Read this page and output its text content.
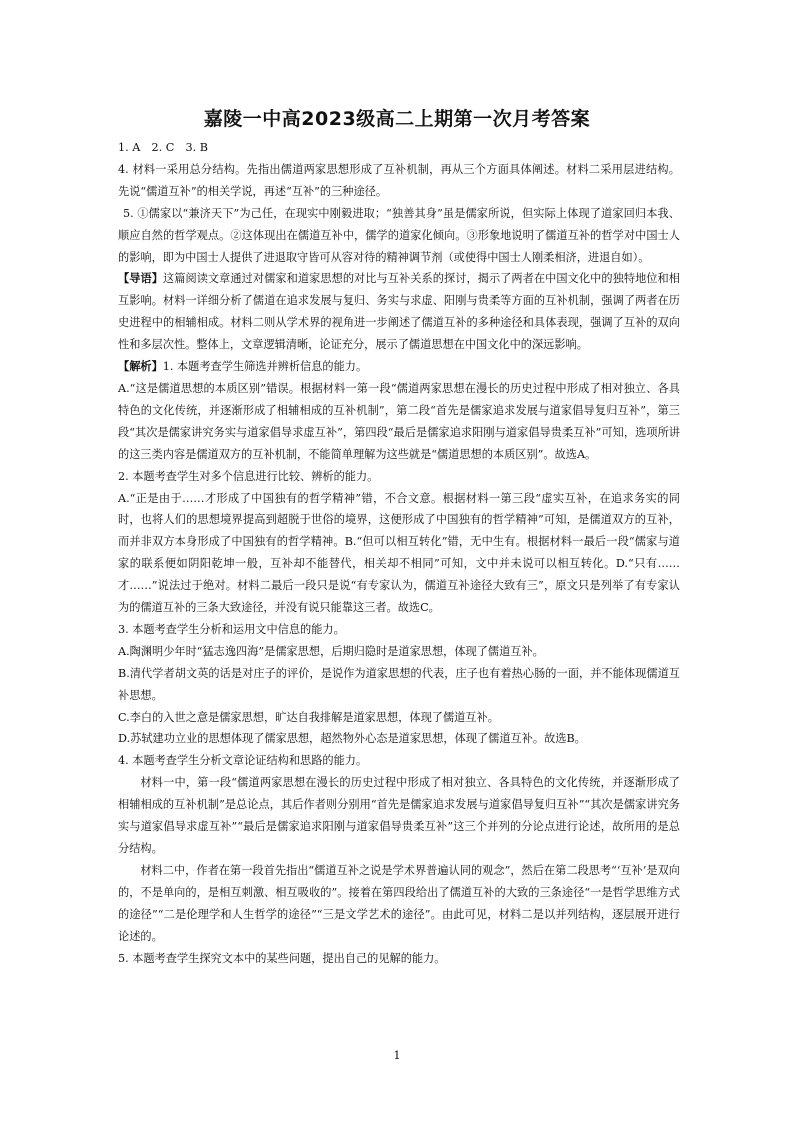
嘉陵一中高2023级高二上期第一次月考答案

1. A　2. C　3. B

4. 材料一采用总分结构。先指出儒道两家思想形成了互补机制，再从三个方面具体阐述。材料二采用层进结构。先说“儒道互补”的相关学说，再述“互补”的三种途径。

5. ①儒家以“兼济天下”为己任，在现实中刚毅进取；“独善其身”虽是儒家所说，但实际上体现了道家回归本我、顺应自然的哲学观点。②这体现出在儒道互补中，儒学的道家化倾向。③形象地说明了儒道互补的哲学对中国士人的影响，即为中国士人提供了进退取守皆可从容对待的精神调节剂（或使得中国士人刚柔相济，进退自如）。

【导语】这篇阅读文章通过对儒家和道家思想的对比与互补关系的探讨，揭示了两者在中国文化中的独特地位和相互影响。材料一详细分析了儒道在追求发展与复归、务实与求虚、阳刚与贵柔等方面的互补机制，强调了两者在历史进程中的相辅相成。材料二则从学术界的视角进一步阐述了儒道互补的多种途径和具体表现，强调了互补的双向性和多层次性。整体上，文章逻辑清晰，论证充分，展示了儒道思想在中国文化中的深远影响。

【解析】1. 本题考查学生筛选并辨析信息的能力。

A.“这是儒道思想的本质区别”错误。根据材料一第一段“儒道两家思想在漫长的历史过程中形成了相对独立、各具特色的文化传统，并逐渐形成了相辅相成的互补机制”，第二段“首先是儒家追求发展与道家倡导复归互补”，第三段“其次是儒家讲究务实与道家倡导求虚互补”，第四段“最后是儒家追求阳刚与道家倡导贵柔互补”可知，选项所讲的这三类内容是儒道双方的互补机制，不能简单理解为这些就是“儒道思想的本质区别”。故选A。

2. 本题考查学生对多个信息进行比较、辨析的能力。

A.“正是由于……才形成了中国独有的哲学精神”错，不合文意。根据材料一第三段“虚实互补，在追求务实的同时，也将人们的思想境界提高到超脱于世俗的境界，这便形成了中国独有的哲学精神”可知，是儒道双方的互补，而并非双方本身形成了中国独有的哲学精神。B.“但可以相互转化”错，无中生有。根据材料一最后一段“儒家与道家的联系便如阴阳乾坤一般，互补却不能替代，相关却不相同”可知，文中并未说可以相互转化。D.“只有……才……”说法过于绝对。材料二最后一段只是说“有专家认为，儒道互补途径大致有三”，原文只是列举了有专家认为的儒道互补的三条大致途径，并没有说只能靠这三者。故选C。

3. 本题考查学生分析和运用文中信息的能力。

A.陶渊明少年时“猛志逸四海”是儒家思想，后期归隐时是道家思想，体现了儒道互补。

B.清代学者胡文英的话是对庄子的评价，是说作为道家思想的代表，庄子也有着热心肠的一面，并不能体现儒道互补思想。

C.李白的入世之意是儒家思想，旷达自我排解是道家思想，体现了儒道互补。

D.苏轼建功立业的思想体现了儒家思想，超然物外心态是道家思想，体现了儒道互补。故选B。

4. 本题考查学生分析文章论证结构和思路的能力。

材料一中，第一段“儒道两家思想在漫长的历史过程中形成了相对独立、各具特色的文化传统，并逐渐形成了相辅相成的互补机制”是总论点，其后作者则分别用“首先是儒家追求发展与道家倡导复归互补”“其次是儒家讲究务实与道家倡导求虚互补”“最后是儒家追求阳刚与道家倡导贵柔互补”这三个并列的分论点进行论述，故所用的是总分结构。

材料二中，作者在第一段首先指出“儒道互补之说是学术界普遍认同的观念”，然后在第二段思考“‘互补’是双向的，不是单向的，是相互刺激、相互吸收的”。接着在第四段给出了儒道互补的大致的三条途径“一是哲学思维方式的途径”“二是伦理学和人生哲学的途径”“三是文学艺术的途径”。由此可见，材料二是以并列结构，逐层展开进行论述的。

5. 本题考查学生探究文本中的某些问题，提出自己的见解的能力。

1
